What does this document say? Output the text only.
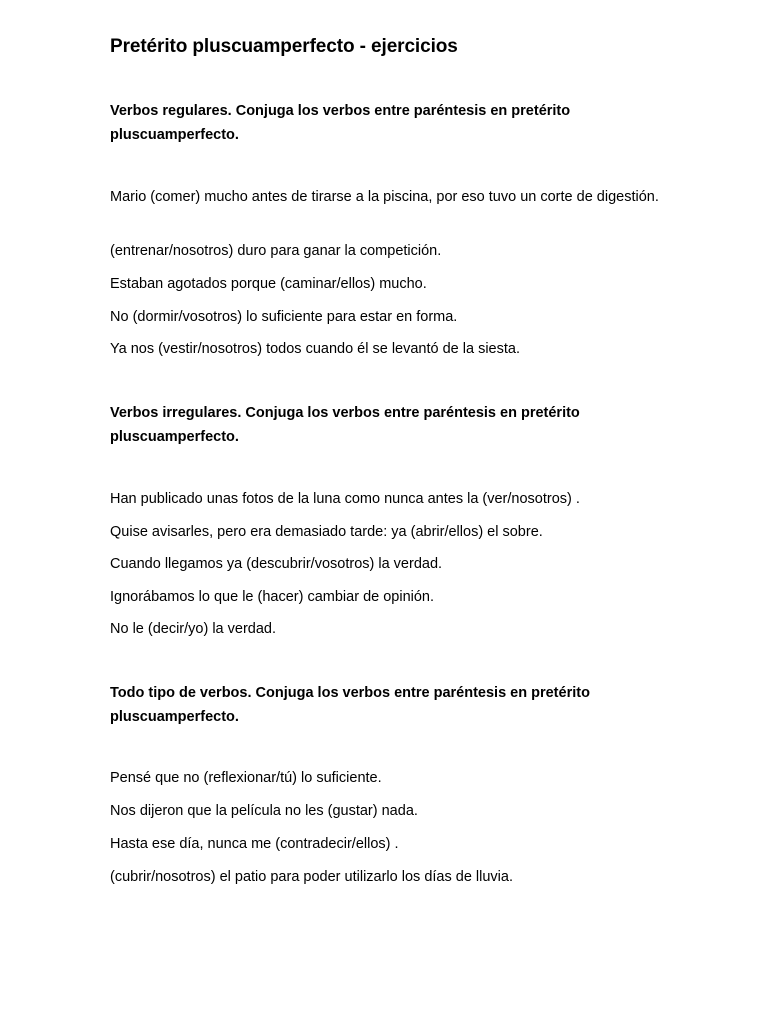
Pretérito pluscuamperfecto - ejercicios

Verbos regulares. Conjuga los verbos entre paréntesis en pretérito pluscuamperfecto.

Mario (comer) mucho antes de tirarse a la piscina, por eso tuvo un corte de digestión.

(entrenar/nosotros) duro para ganar la competición.

Estaban agotados porque (caminar/ellos) mucho.

No (dormir/vosotros) lo suficiente para estar en forma.

Ya nos (vestir/nosotros) todos cuando él se levantó de la siesta.

Verbos irregulares. Conjuga los verbos entre paréntesis en pretérito pluscuamperfecto.

Han publicado unas fotos de la luna como nunca antes la (ver/nosotros) .

Quise avisarles, pero era demasiado tarde: ya (abrir/ellos) el sobre.

Cuando llegamos ya (descubrir/vosotros) la verdad.

Ignorábamos lo que le (hacer) cambiar de opinión.

No le (decir/yo) la verdad.

Todo tipo de verbos. Conjuga los verbos entre paréntesis en pretérito pluscuamperfecto.

Pensé que no (reflexionar/tú) lo suficiente.

Nos dijeron que la película no les (gustar) nada.

Hasta ese día, nunca me (contradecir/ellos) .

(cubrir/nosotros) el patio para poder utilizarlo los días de lluvia.
